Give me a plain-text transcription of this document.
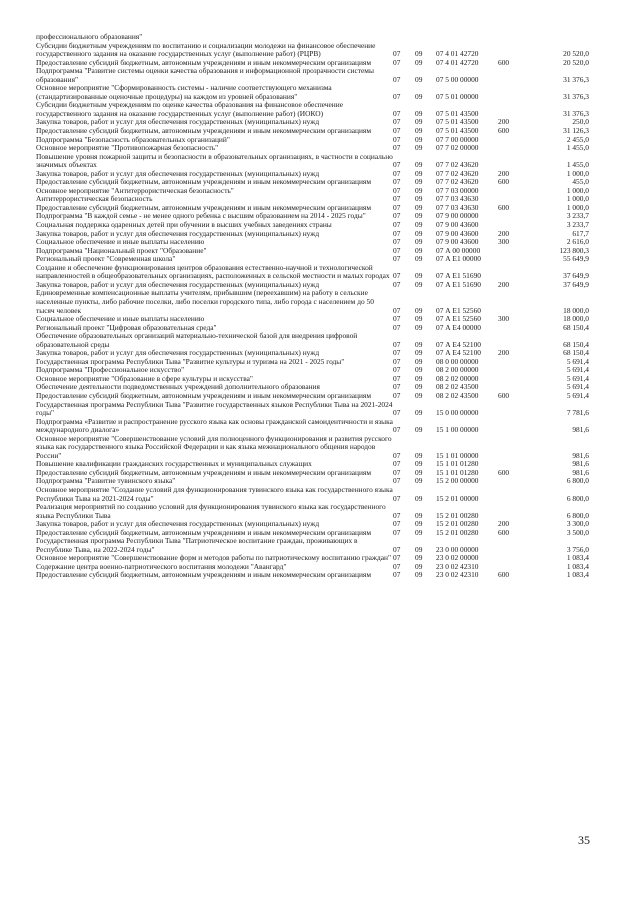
профессионального образования"					
Субсидии бюджетным учреждениям по воспитанию и социализации молодежи на финансовое обеспечение государственного задания на оказание государственных услуг (выполнение работ) (РЦРВ)	07	09	07 4 01 42720		20 520,0
Предоставление субсидий бюджетным, автономным учреждениям и иным некоммерческим организациям	07	09	07 4 01 42720	600	20 520,0
Подпрограмма "Развитие системы оценки качества образования и информационной прозрачности системы образования"	07	09	07 5 00 00000		31 376,3
Основное мероприятие "Сформированность системы - наличие соответствующего механизма (стандартизированные оценочные процедуры) на каждом из уровней образования"	07	09	07 5 01 00000		31 376,3
Субсидии бюджетным учреждениям по оценке качества образования на финансовое обеспечение государственного задания на оказание государственных услуг (выполнение работ) (ИОКО)	07	09	07 5 01 43500		31 376,3
Закупка товаров, работ и услуг для обеспечения государственных (муниципальных) нужд	07	09	07 5 01 43500	200	250,0
Предоставление субсидий бюджетным, автономным учреждениям и иным некоммерческим организациям	07	09	07 5 01 43500	600	31 126,3
Подпрограмма "Безопасность образовательных организаций"	07	09	07 7 00 00000		2 455,0
Основное мероприятие "Противопожарная безопасность"	07	09	07 7 02 00000		1 455,0
Повышение уровня пожарной защиты и безопасности в образовательных организациях, в частности в социально значимых объектах	07	09	07 7 02 43620		1 455,0
Закупка товаров, работ и услуг для обеспечения государственных (муниципальных) нужд	07	09	07 7 02 43620	200	1 000,0
Предоставление субсидий бюджетным, автономным учреждениям и иным некоммерческим организациям	07	09	07 7 02 43620	600	455,0
Основное мероприятие "Антитеррористическая безопасность"	07	09	07 7 03 00000		1 000,0
Антитеррористическая безопасность	07	09	07 7 03 43630		1 000,0
Предоставление субсидий бюджетным, автономным учреждениям и иным некоммерческим организациям	07	09	07 7 03 43630	600	1 000,0
Подпрограмма "В каждой семье - не менее одного ребенка с высшим образованием на 2014 - 2025 годы"	07	09	07 9 00 00000		3 233,7
Социальная поддержка одаренных детей при обучении в высших учебных заведениях страны	07	09	07 9 00 43600		3 233,7
Закупка товаров, работ и услуг для обеспечения государственных (муниципальных) нужд	07	09	07 9 00 43600	200	617,7
Социальное обеспечение и иные выплаты населению	07	09	07 9 00 43600	300	2 616,0
Подпрограмма "Национальный проект "Образование"	07	09	07 А 00 00000		123 800,3
Региональный проект "Современная школа"	07	09	07 А Е1 00000		55 649,9
Создание и обеспечение функционирования центров образования естественно-научной и технологической направленностей в общеобразовательных организациях, расположенных в сельской местности и малых городах	07	09	07 А Е1 51690		37 649,9
Закупка товаров, работ и услуг для обеспечения государственных (муниципальных) нужд	07	09	07 А Е1 51690	200	37 649,9
Единовременные компенсационные выплаты учителям, прибывшим (переехавшим) на работу в сельские населенные пункты, либо рабочие поселки, либо поселки городского типа, либо города с населением до 50 тысяч человек	07	09	07 А Е1 52560		18 000,0
Социальное обеспечение и иные выплаты населению	07	09	07 А Е1 52560	300	18 000,0
Региональный проект "Цифровая образовательная среда"	07	09	07 А Е4 00000		68 150,4
Обеспечение образовательных организаций материально-технической базой для внедрения цифровой образовательной среды	07	09	07 А Е4 52100		68 150,4
Закупка товаров, работ и услуг для обеспечения государственных (муниципальных) нужд	07	09	07 А Е4 52100	200	68 150,4
Государственная программа Республики Тыва "Развитие культуры и туризма на 2021 - 2025 годы"	07	09	08 0 00 00000		5 691,4
Подпрограмма "Профессиональное искусство"	07	09	08 2 00 00000		5 691,4
Основное мероприятие "Образование в сфере культуры и искусства"	07	09	08 2 02 00000		5 691,4
Обеспечение деятельности подведомственных учреждений дополнительного образования	07	09	08 2 02 43500		5 691,4
Предоставление субсидий бюджетным, автономным учреждениям и иным некоммерческим организациям	07	09	08 2 02 43500	600	5 691,4
Государственная программа Республики Тыва "Развитие государственных языков Республики Тыва на 2021-2024 годы"	07	09	15 0 00 00000		7 781,6
Подпрограмма «Развитие и распространение русского языка как основы гражданской самоидентичности и языка международного диалога»	07	09	15 1 00 00000		981,6
Основное мероприятие "Совершенствование условий для полноценного функционирования и развития русского языка как государственного языка Российской Федерации и как языка межнационального общения народов России"	07	09	15 1 01 00000		981,6
Повышение квалификации гражданских государственных и муниципальных служащих	07	09	15 1 01 01280		981,6
Предоставление субсидий бюджетным, автономным учреждениям и иным некоммерческим организациям	07	09	15 1 01 01280	600	981,6
Подпрограмма "Развитие тувинского языка"	07	09	15 2 00 00000		6 800,0
Основное мероприятие "Создание условий для функционирования тувинского языка как государственного языка Республики Тыва на 2021-2024 годы"	07	09	15 2 01 00000		6 800,0
Реализация мероприятий по созданию условий для функционирования тувинского языка как государственного языка Республики Тыва	07	09	15 2 01 00280		6 800,0
Закупка товаров, работ и услуг для обеспечения государственных (муниципальных) нужд	07	09	15 2 01 00280	200	3 300,0
Предоставление субсидий бюджетным, автономным учреждениям и иным некоммерческим организациям	07	09	15 2 01 00280	600	3 500,0
Государственная программа Республики Тыва "Патриотическое воспитание граждан, проживающих в Республике Тыва, на 2022-2024 годы"	07	09	23 0 00 00000		3 756,0
Основное мероприятие "Совершенствование форм и методов работы по патриотическому воспитанию граждан"	07	09	23 0 02 00000		1 083,4
Содержание центра военно-патриотического воспитания молодежи "Авангард"	07	09	23 0 02 42310		1 083,4
Предоставление субсидий бюджетным, автономным учреждениям и иным некоммерческим организациям	07	09	23 0 02 42310	600	1 083,4
35
